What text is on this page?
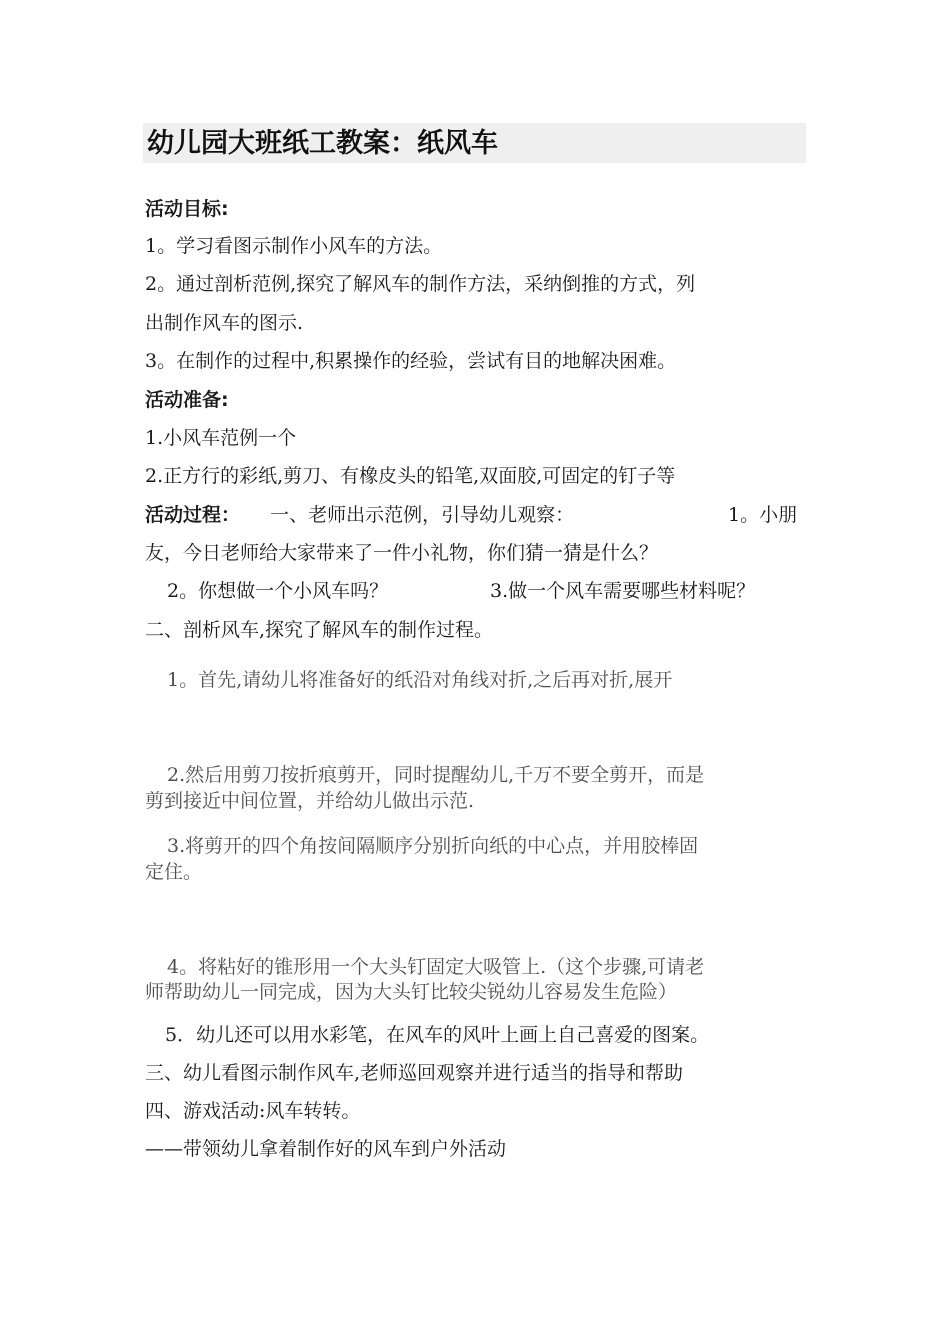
幼儿园大班纸工教案：纸风车
活动目标:
1。学习看图示制作小风车的方法。
2。通过剖析范例,探究了解风车的制作方法，采纳倒推的方式，列
出制作风车的图示.
3。在制作的过程中,积累操作的经验，尝试有目的地解决困难。
活动准备:
1.小风车范例一个
2.正方行的彩纸,剪刀、有橡皮头的铅笔,双面胶,可固定的钉子等
活动过程： 一、老师出示范例，引导幼儿观察：	1。小朋
友，今日老师给大家带来了一件小礼物，你们猜一猜是什么？
2。你想做一个小风车吗？	3.做一个风车需要哪些材料呢？
二、剖析风车,探究了解风车的制作过程。
1。首先,请幼儿将准备好的纸沿对角线对折,之后再对折,展开
2.然后用剪刀按折痕剪开，同时提醒幼儿,千万不要全剪开，而是
剪到接近中间位置，并给幼儿做出示范.
3.将剪开的四个角按间隔顺序分别折向纸的中心点，并用胶棒固
定住。
4。将粘好的锥形用一个大头钉固定大吸管上.（这个步骤,可请老
师帮助幼儿一同完成，因为大头钉比较尖锐幼儿容易发生危险）
5．幼儿还可以用水彩笔，在风车的风叶上画上自己喜爱的图案。
三、幼儿看图示制作风车,老师巡回观察并进行适当的指导和帮助
四、游戏活动:风车转转。
——带领幼儿拿着制作好的风车到户外活动
